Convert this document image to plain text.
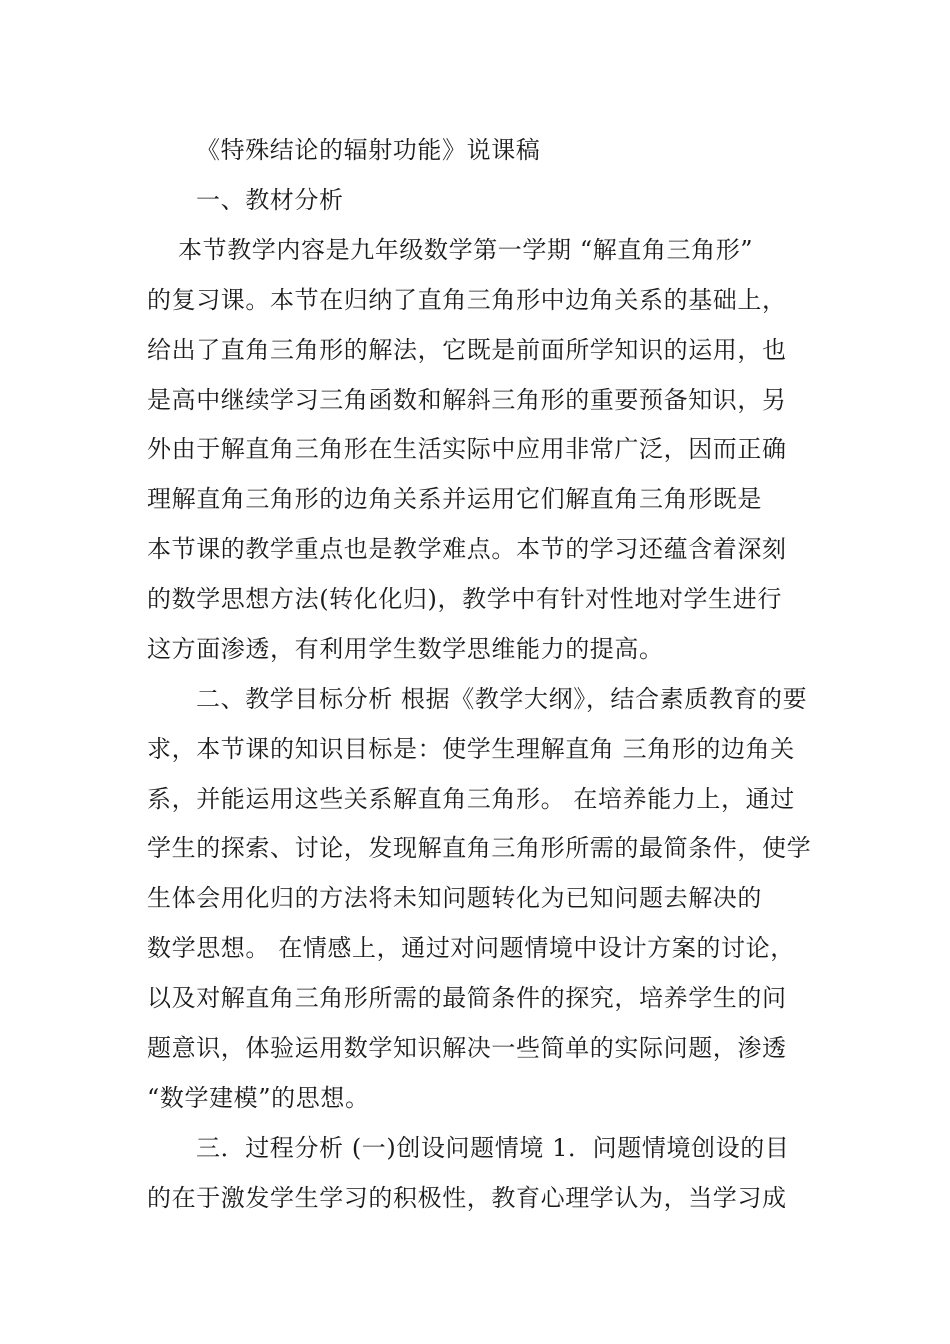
《特殊结论的辐射功能》说课稿
一、教材分析
本节教学内容是九年级数学第一学期 “解直角三角形”
的复习课。本节在归纳了直角三角形中边角关系的基础上，
给出了直角三角形的解法，它既是前面所学知识的运用，也
是高中继续学习三角函数和解斜三角形的重要预备知识，另
外由于解直角三角形在生活实际中应用非常广泛，因而正确
理解直角三角形的边角关系并运用它们解直角三角形既是
本节课的教学重点也是教学难点。本节的学习还蕴含着深刻
的数学思想方法(转化化归)，教学中有针对性地对学生进行
这方面渗透，有利用学生数学思维能力的提高。
二、教学目标分析 根据《教学大纲》，结合素质教育的要
求，本节课的知识目标是：使学生理解直角 三角形的边角关
系，并能运用这些关系解直角三角形。 在培养能力上，通过
学生的探索、讨论，发现解直角三角形所需的最简条件，使学
生体会用化归的方法将未知问题转化为已知问题去解决的
数学思想。 在情感上，通过对问题情境中设计方案的讨论，
以及对解直角三角形所需的最简条件的探究，培养学生的问
题意识，体验运用数学知识解决一些简单的实际问题，渗透
“数学建模”的思想。
三．过程分析 (一)创设问题情境 1．问题情境创设的目
的在于激发学生学习的积极性，教育心理学认为，当学习成
